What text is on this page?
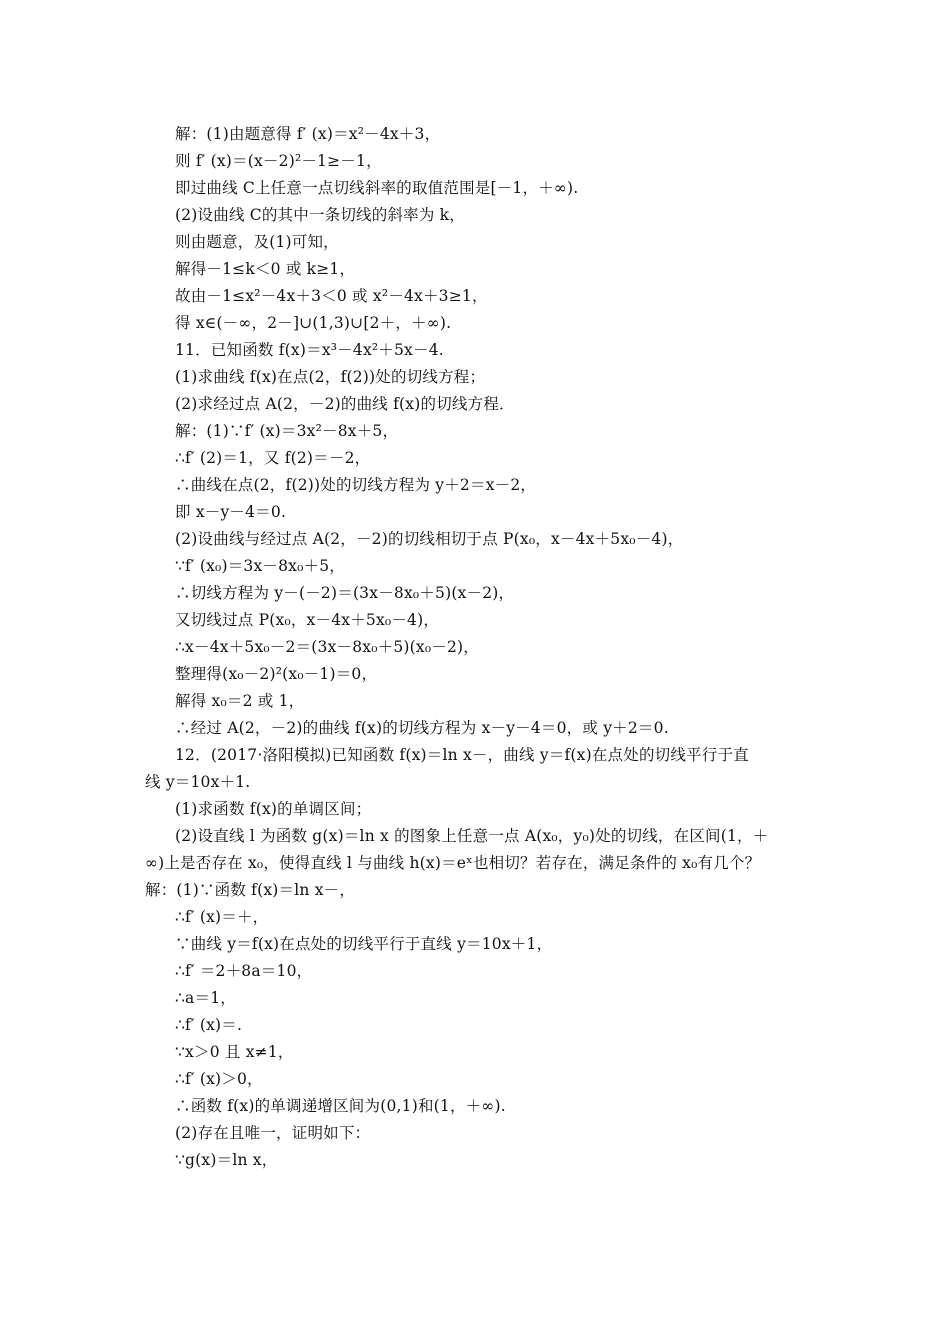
解：(1)由题意得 f′ (x)＝x²－4x＋3，
则 f′ (x)＝(x－2)²－1≥－1，
即过曲线 C上任意一点切线斜率的取值范围是[－1，＋∞).
(2)设曲线 C的其中一条切线的斜率为 k，
则由题意，及(1)可知，
解得－1≤k＜0 或 k≥1，
故由－1≤x²－4x＋3＜0 或 x²－4x＋3≥1，
得 x∈(－∞，2－]∪(1,3)∪[2＋，＋∞).
11．已知函数 f(x)＝x³－4x²＋5x－4.
(1)求曲线 f(x)在点(2，f(2))处的切线方程；
(2)求经过点 A(2，－2)的曲线 f(x)的切线方程．
解：(1)∵f′ (x)＝3x²－8x＋5，
∴f′ (2)＝1，又 f(2)＝－2，
∴曲线在点(2，f(2))处的切线方程为 y＋2＝x－2，
即 x－y－4＝0.
(2)设曲线与经过点 A(2，－2)的切线相切于点 P(x₀，x－4x＋5x₀－4)，
∵f′ (x₀)＝3x－8x₀＋5，
∴切线方程为 y－(－2)＝(3x－8x₀＋5)(x－2)，
又切线过点 P(x₀，x－4x＋5x₀－4)，
∴x－4x＋5x₀－2＝(3x－8x₀＋5)(x₀－2)，
整理得(x₀－2)²(x₀－1)＝0，
解得 x₀＝2 或 1，
∴经过 A(2，－2)的曲线 f(x)的切线方程为 x－y－4＝0，或 y＋2＝0.
12．(2017·洛阳模拟)已知函数 f(x)＝ln x－，曲线 y＝f(x)在点处的切线平行于直
线 y＝10x＋1.
(1)求函数 f(x)的单调区间；
(2)设直线 l 为函数 g(x)＝ln x 的图象上任意一点 A(x₀，y₀)处的切线，在区间(1，＋
∞)上是否存在 x₀，使得直线 l 与曲线 h(x)＝eˣ也相切？若存在，满足条件的 x₀有几个？
解：(1)∵函数 f(x)＝ln x－，
∴f′ (x)＝＋，
∵曲线 y＝f(x)在点处的切线平行于直线 y＝10x＋1，
∴f′ ＝2＋8a＝10，
∴a＝1，
∴f′ (x)＝.
∵x＞0 且 x≠1，
∴f′ (x)＞0，
∴函数 f(x)的单调递增区间为(0,1)和(1，＋∞).
(2)存在且唯一，证明如下：
∵g(x)＝ln x，
